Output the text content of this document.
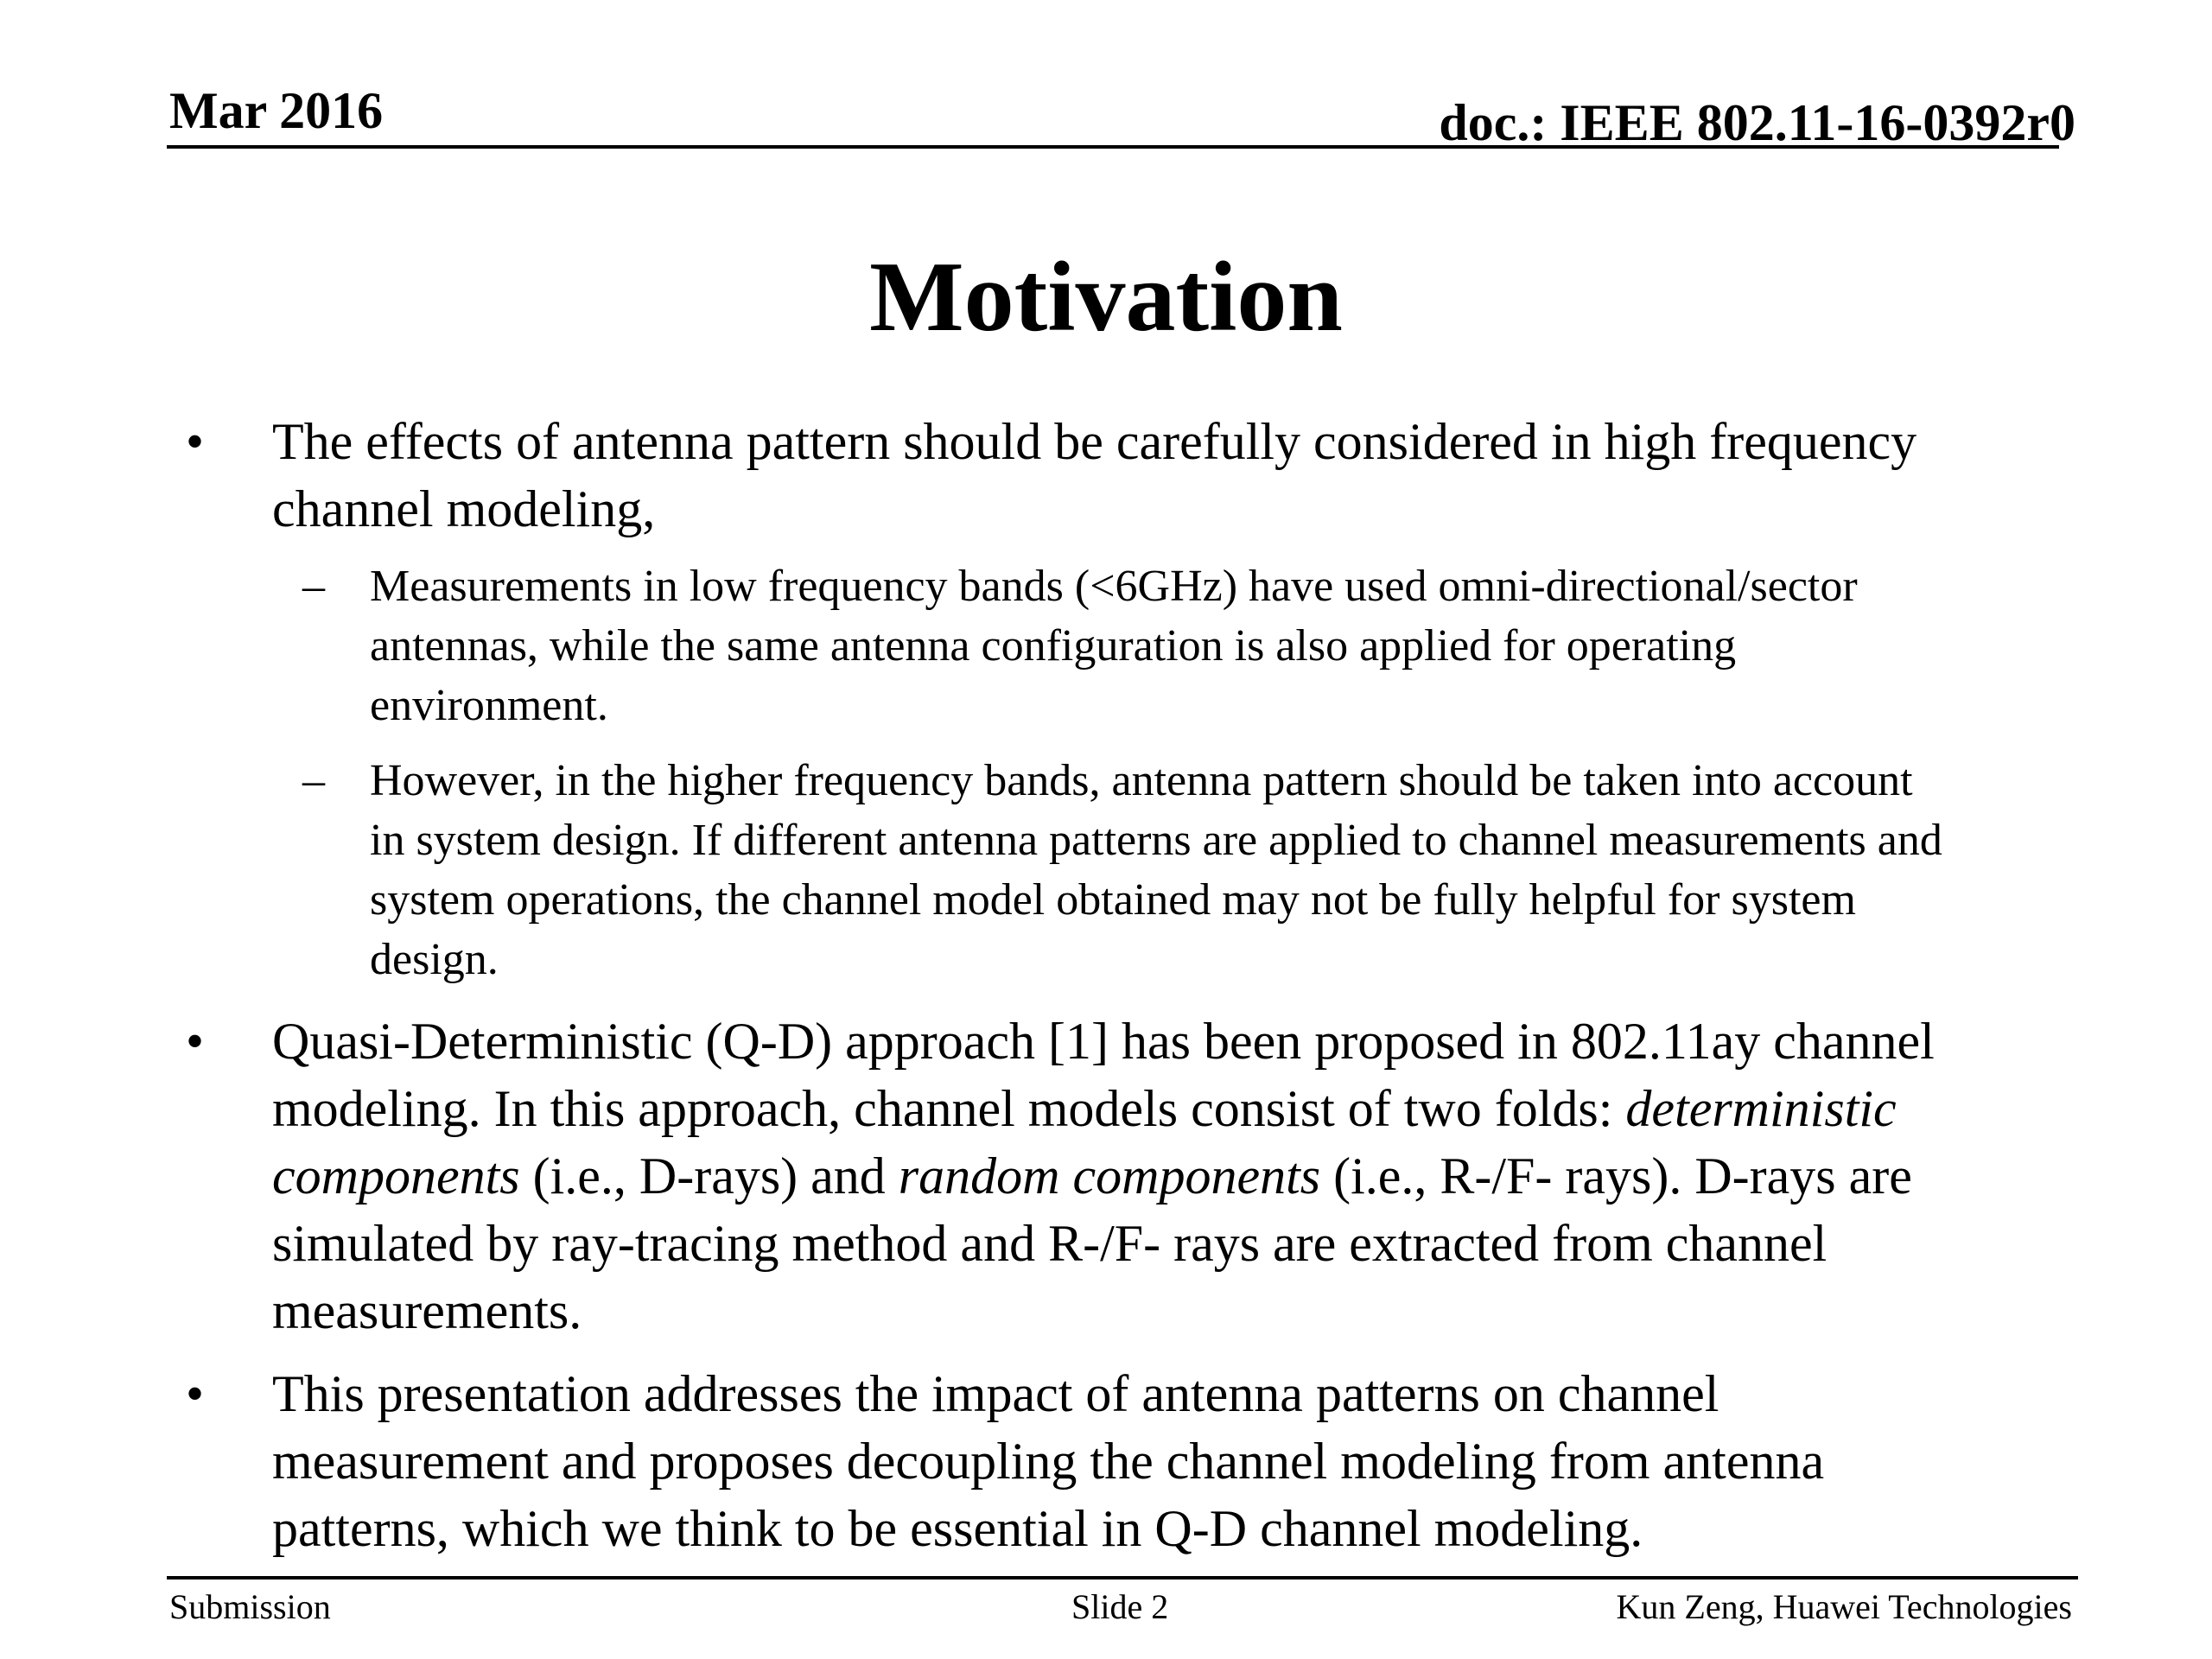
Mar 2016	doc.: IEEE 802.11-16-0392r0
Motivation
• The effects of antenna pattern should be carefully considered in high frequency
channel modeling,
– Measurements in low frequency bands (<6GHz) have used omni-directional/sector
antennas, while the same antenna configuration is also applied for operating
environment.
– However, in the higher frequency bands, antenna pattern should be taken into account
in system design. If different antenna patterns are applied to channel measurements and
system operations, the channel model obtained may not be fully helpful for system
design.
• Quasi-Deterministic (Q-D) approach [1] has been proposed in 802.11ay channel
modeling. In this approach, channel models consist of two folds: deterministic
components (i.e., D-rays) and random components (i.e., R-/F- rays). D-rays are
simulated by ray-tracing method and R-/F- rays are extracted from channel
measurements.
• This presentation addresses the impact of antenna patterns on channel
measurement and proposes decoupling the channel modeling from antenna
patterns, which we think to be essential in Q-D channel modeling.
Submission	Slide 2	Kun Zeng, Huawei Technologies
